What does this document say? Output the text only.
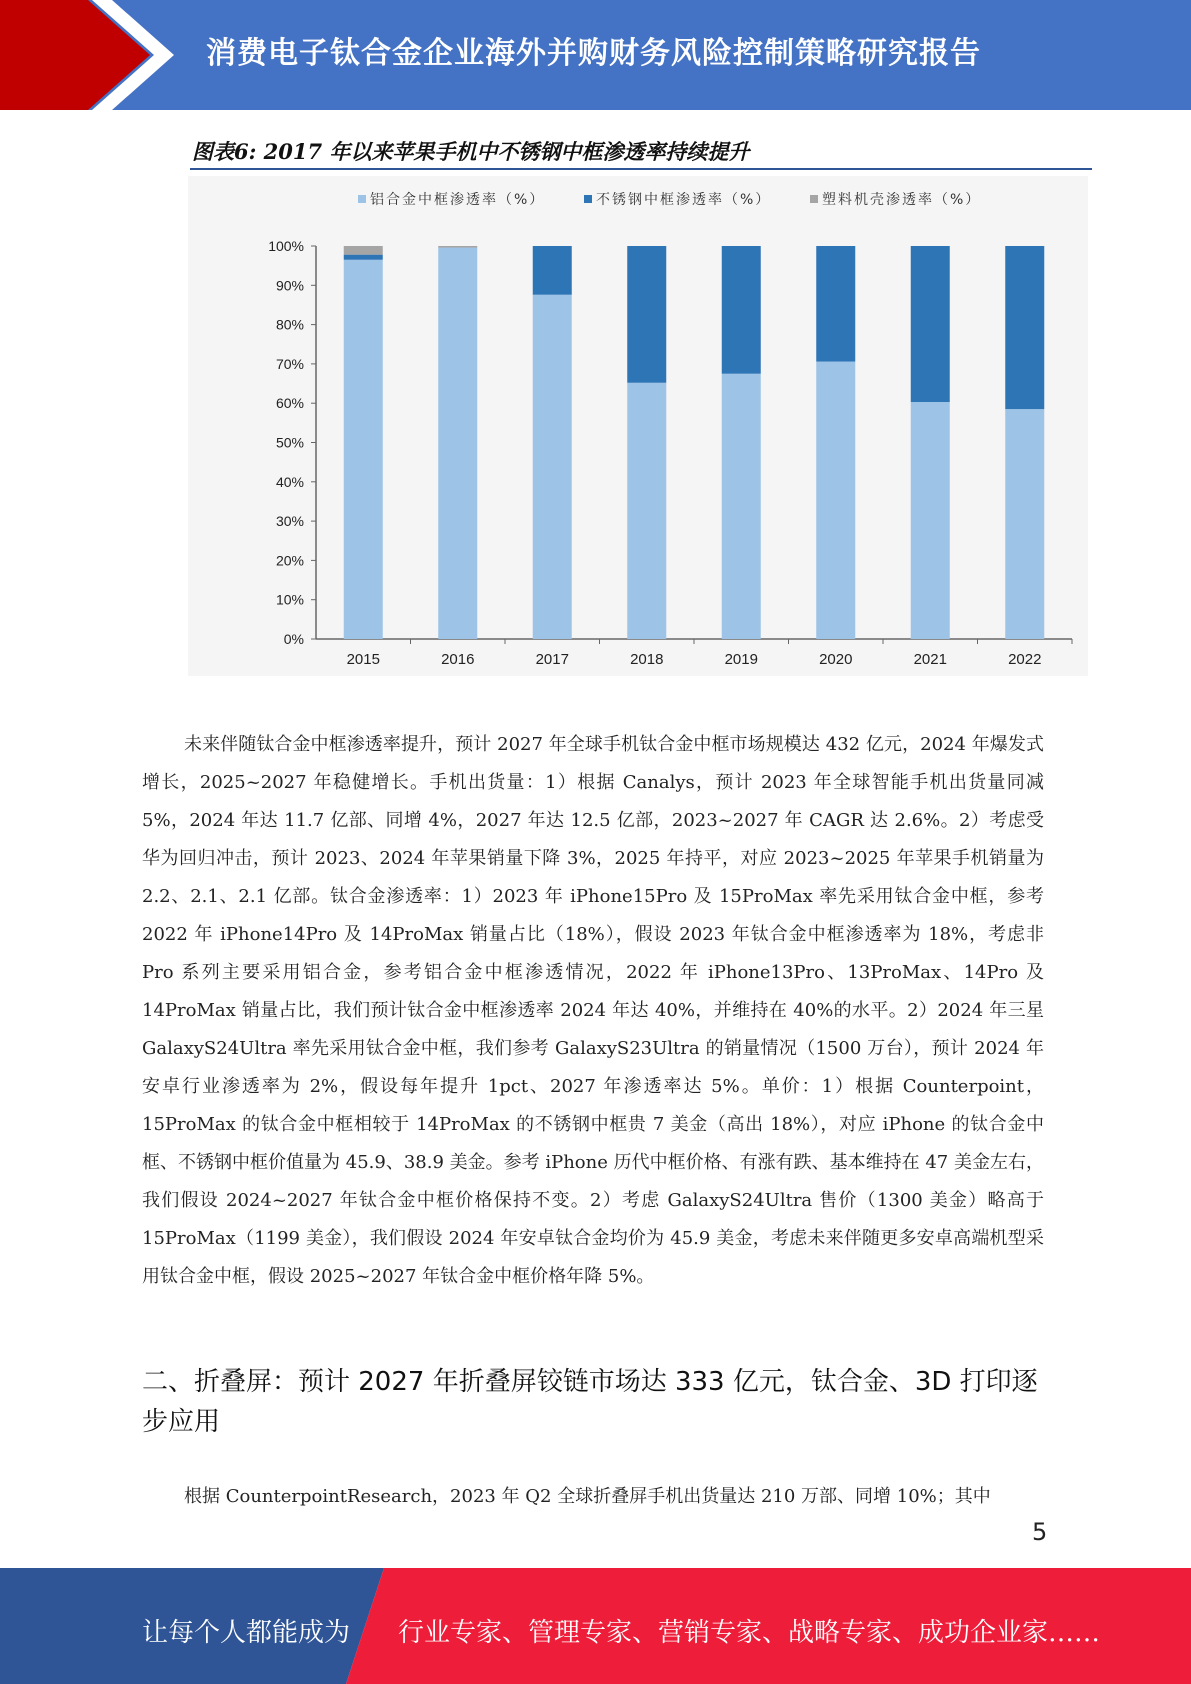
消费电子钛合金企业海外并购财务风险控制策略研究报告
图表6: 2017 年以来苹果手机中不锈钢中框渗透率持续提升
0%
10%
20%
30%
40%
50%
60%
70%
80%
90%
100%
2015	2016	2017	2018	2019	2020	2021	2022
铝合金中框渗透率（%）	不锈钢中框渗透率（%）	塑料机壳渗透率（%）

未来伴随钛合金中框渗透率提升，预计 2027 年全球手机钛合金中框市场规模达 432 亿元，2024 年爆发式增长，2025~2027 年稳健增长。手机出货量：1）根据 Canalys，预计 2023 年全球智能手机出货量同减 5%，2024 年达 11.7 亿部、同增 4%，2027 年达 12.5 亿部，2023~2027 年 CAGR 达 2.6%。2）考虑受华为回归冲击，预计 2023、2024 年苹果销量下降 3%，2025 年持平，对应 2023~2025 年苹果手机销量为 2.2、2.1、2.1 亿部。钛合金渗透率：1）2023 年 iPhone15Pro 及 15ProMax 率先采用钛合金中框，参考 2022 年 iPhone14Pro 及 14ProMax 销量占比（18%），假设 2023 年钛合金中框渗透率为 18%，考虑非 Pro 系列主要采用铝合金，参考铝合金中框渗透情况，2022 年 iPhone13Pro、13ProMax、14Pro 及 14ProMax 销量占比，我们预计钛合金中框渗透率 2024 年达 40%，并维持在 40%的水平。2）2024 年三星 GalaxyS24Ultra 率先采用钛合金中框，我们参考 GalaxyS23Ultra 的销量情况（1500 万台），预计 2024 年安卓行业渗透率为 2%，假设每年提升 1pct、2027 年渗透率达 5%。单价：1）根据 Counterpoint，15ProMax 的钛合金中框相较于 14ProMax 的不锈钢中框贵 7 美金（高出 18%），对应 iPhone 的钛合金中框、不锈钢中框价值量为 45.9、38.9 美金。参考 iPhone 历代中框价格、有涨有跌、基本维持在 47 美金左右，我们假设 2024~2027 年钛合金中框价格保持不变。2）考虑 GalaxyS24Ultra 售价（1300 美金）略高于 15ProMax（1199 美金），我们假设 2024 年安卓钛合金均价为 45.9 美金，考虑未来伴随更多安卓高端机型采用钛合金中框，假设 2025~2027 年钛合金中框价格年降 5%。

二、折叠屏：预计 2027 年折叠屏铰链市场达 333 亿元，钛合金、3D 打印逐步应用
根据 CounterpointResearch，2023 年 Q2 全球折叠屏手机出货量达 210 万部、同增 10%；其中
5
让每个人都能成为 行业专家、管理专家、营销专家、战略专家、成功企业家……
